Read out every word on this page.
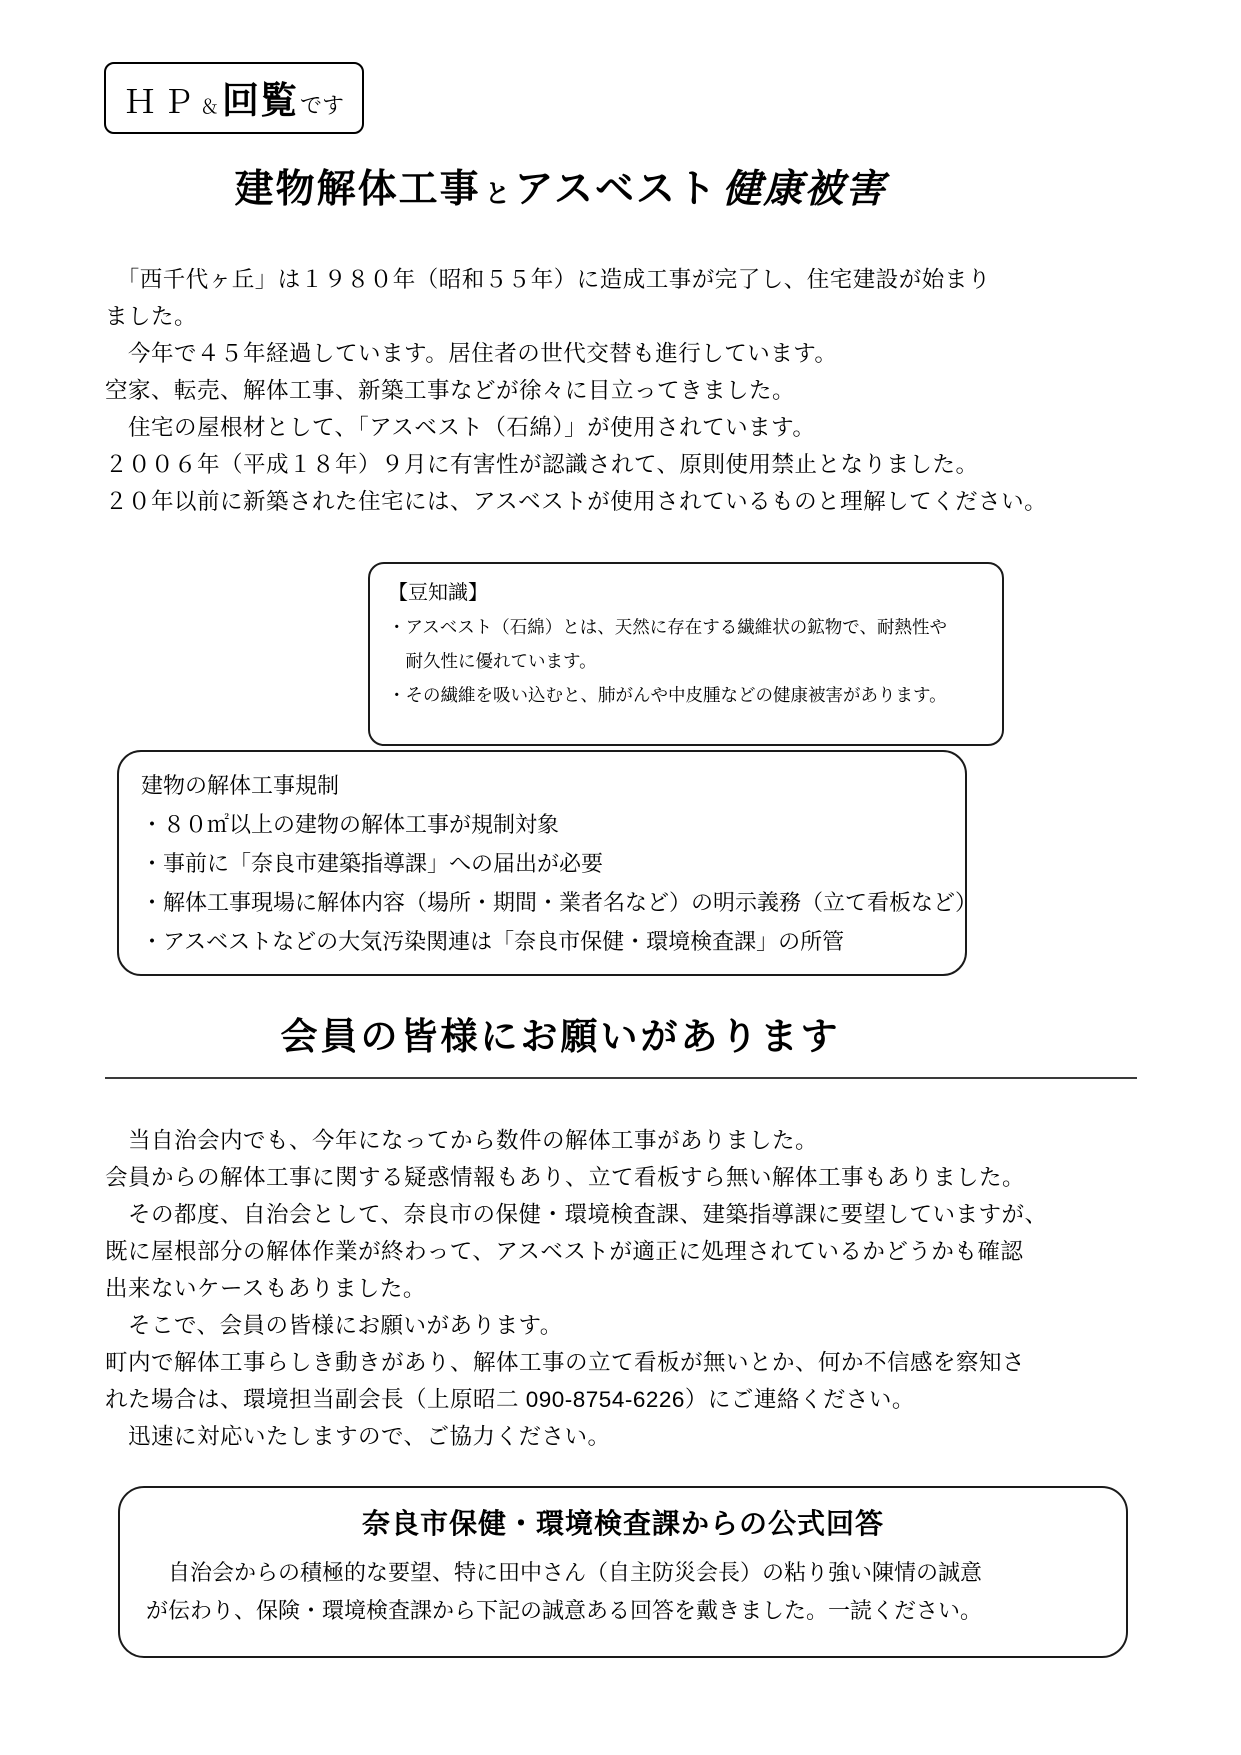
ＨＰ ＆ 回覧 です
建物解体工事 と アスベスト 健康被害
　「西千代ヶ丘」は１９８０年（昭和５５年）に造成工事が完了し、住宅建設が始まり
ました。
　今年で４５年経過しています。居住者の世代交替も進行しています。
空家、転売、解体工事、新築工事などが徐々に目立ってきました。
　住宅の屋根材として、「アスベスト（石綿）」が使用されています。
２００６年（平成１８年）９月に有害性が認識されて、原則使用禁止となりました。
２０年以前に新築された住宅には、アスベストが使用されているものと理解してください。
【豆知識】
・アスベスト（石綿）とは、天然に存在する繊維状の鉱物で、耐熱性や
　耐久性に優れています。
・その繊維を吸い込むと、肺がんや中皮腫などの健康被害があります。
建物の解体工事規制
・８０㎡以上の建物の解体工事が規制対象
・事前に「奈良市建築指導課」への届出が必要
・解体工事現場に解体内容（場所・期間・業者名など）の明示義務（立て看板など）
・アスベストなどの大気汚染関連は「奈良市保健・環境検査課」の所管
会員の皆様にお願いがあります
　当自治会内でも、今年になってから数件の解体工事がありました。
会員からの解体工事に関する疑惑情報もあり、立て看板すら無い解体工事もありました。
　その都度、自治会として、奈良市の保健・環境検査課、建築指導課に要望していますが、
既に屋根部分の解体作業が終わって、アスベストが適正に処理されているかどうかも確認
出来ないケースもありました。
　そこで、会員の皆様にお願いがあります。
町内で解体工事らしき動きがあり、解体工事の立て看板が無いとか、何か不信感を察知さ
れた場合は、環境担当副会長（上原昭二 090-8754-6226）にご連絡ください。
　迅速に対応いたしますので、ご協力ください。
奈良市保健・環境検査課からの公式回答
　自治会からの積極的な要望、特に田中さん（自主防災会長）の粘り強い陳情の誠意
が伝わり、保険・環境検査課から下記の誠意ある回答を戴きました。一読ください。
